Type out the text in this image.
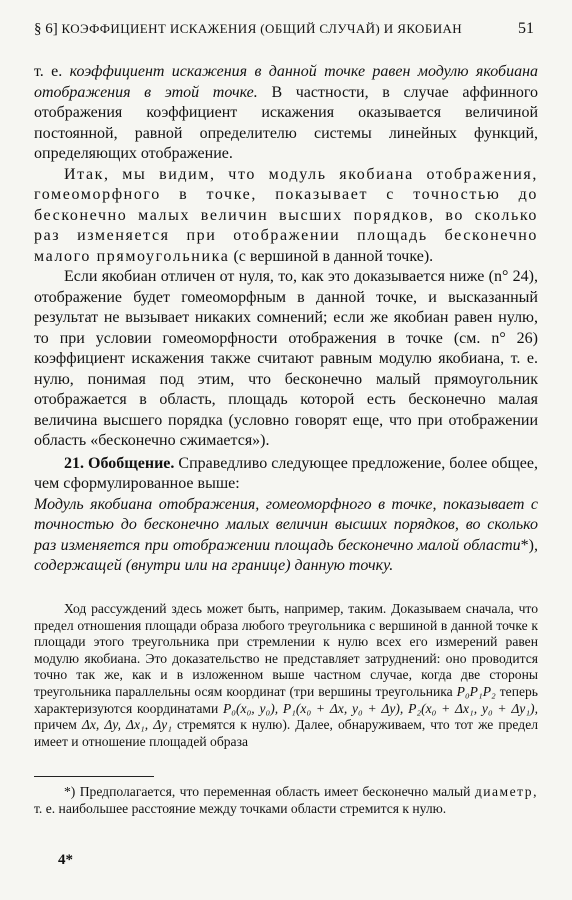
§ 6] КОЭФФИЦИЕНТ ИСКАЖЕНИЯ (ОБЩИЙ СЛУЧАЙ) И ЯКОБИАН	51

т. е. коэффициент искажения в данной точке равен модулю якобиана отображения в этой точке. В частности, в случае аффинного отображения коэффициент искажения оказывается величиной постоянной, равной определителю системы линейных функций, определяющих отображение.

Итак, мы видим, что модуль якобиана отображения, гомеоморфного в точке, показывает с точностью до бесконечно малых величин высших порядков, во сколько раз изменяется при отображении площадь бесконечно малого прямоугольника (с вершиной в данной точке).

Если якобиан отличен от нуля, то, как это доказывается ниже (n° 24), отображение будет гомеоморфным в данной точке, и высказанный результат не вызывает никаких сомнений; если же якобиан равен нулю, то при условии гомеоморфности отображения в точке (см. n° 26) коэффициент искажения также считают равным модулю якобиана, т. е. нулю, понимая под этим, что бесконечно малый прямоугольник отображается в область, площадь которой есть бесконечно малая величина высшего порядка (условно говорят еще, что при отображении область «бесконечно сжимается»).

21. Обобщение. Справедливо следующее предложение, более общее, чем сформулированное выше:

Модуль якобиана отображения, гомеоморфного в точке, показывает с точностью до бесконечно малых величин высших порядков, во сколько раз изменяется при отображении площадь бесконечно малой области*), содержащей (внутри или на границе) данную точку.

Ход рассуждений здесь может быть, например, таким. Доказываем сначала, что предел отношения площади образа любого треугольника с вершиной в данной точке к площади этого треугольника при стремлении к нулю всех его измерений равен модулю якобиана. Это доказательство не представляет затруднений: оно проводится точно так же, как и в изложенном выше частном случае, когда две стороны треугольника параллельны осям координат (три вершины треугольника P₀P₁P₂ теперь характеризуются координатами P₀(x₀, y₀), P₁(x₀ + Δx, y₀ + Δy), P₂(x₀ + Δx₁, y₀ + Δy₁), причем Δx, Δy, Δx₁, Δy₁ стремятся к нулю). Далее, обнаруживаем, что тот же предел имеет и отношение площадей образа

*) Предполагается, что переменная область имеет бесконечно малый диаметр, т. е. наибольшее расстояние между точками области стремится к нулю.

4*
